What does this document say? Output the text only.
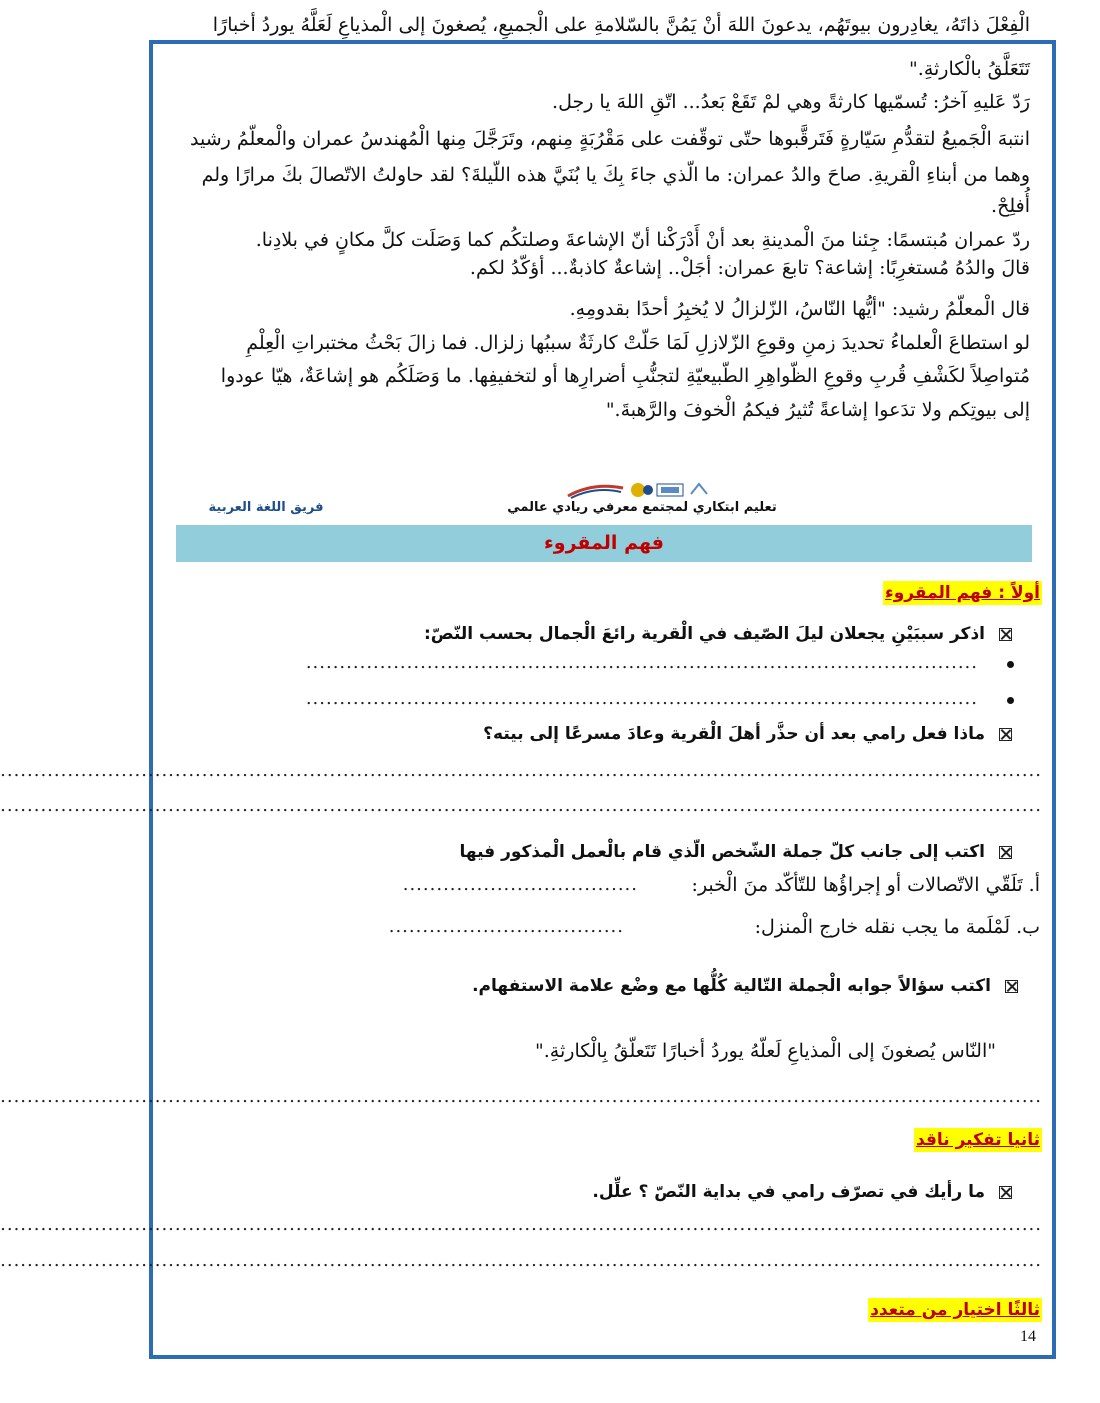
الْفِعْلَ ذاتَهُ، يغادِرون بيوتَهُم، يدعونَ اللهَ أنْ يَمُنَّ بالسّلامةِ على الْجميعِ، يُصغونَ إلى الْمذياعِ لَعَلَّهُ يوردُ أخبارًا
تَتَعَلَّقُ بالْكارثةِ."
رَدّ عَليهِ آخرُ: تُسمّيها كارثةً وهي لمْ تَقَعْ بَعدُ... اتّقِ اللهَ يا رجل.
انتبهَ الْجَميعُ لتقدُّمِ سَيّارةٍ فَتَرقَّبوها حتّى توقّفت على مَقْرُبَةٍ مِنهم، وتَرَجَّلَ مِنها الْمُهندسُ عمران والْمعلّمُ رشيد
وهما من أبناءِ الْقريةِ. صاحَ والدُ عمران: ما الّذي جاءَ بِكَ يا بُنَيَّ هذه اللّيلةَ؟ لقد حاولتُ الاتّصالَ بكَ مرارًا ولم
أُفلِحْ.
ردّ عمران مُبتسمًا: جِئنا منَ الْمدينةِ بعد أنْ أَدْرَكْنا أنّ الإشاعةَ وصلتكُم كما وَصَلَت كلَّ مكانٍ في بلادِنا.
قالَ والدُهُ مُستغرِبًا: إشاعة؟ تابعَ عمران: أجَلْ.. إشاعةٌ كاذبةٌ... أؤكّدُ لكم.
قال الْمعلّمُ رشيد: "أيُّها النّاسُ، الزّلزالُ لا يُخبِرُ أحدًا بقدومِهِ.
لو استطاعَ الْعلماءُ تحديدَ زمنِ وقوعِ الزّلازلِ لَمَا حَلّتْ كارثَةٌ سببُها زلزال. فما زالَ بَحْثُ مختبراتِ الْعِلْمِ
مُتواصِلاً لكَشْفِ قُربِ وقوعِ الظّواهِرِ الطّبيعيّةِ لتجنُّبِ أضرارِها أو لتخفيفِها. ما وَصَلَكُم هو إشاعَةٌ، هيّا عودوا
إلى بيوتِكم ولا تدَعوا إشاعةً تُثيرُ فيكمُ الْخوفَ والرَّهبةَ."
تعليم ابتكاري لمجتمع معرفي ريادي عالمي
فريق اللغة العربية
فهم المقروء
أولاً : فهم المقروء
اذكر سببَيْنِ يجعلان ليلَ الصّيف في الْقرية رائعَ الْجمال بحسب النّصّ:
....................................................................................................
....................................................................................................
ماذا فعل رامي بعد أن حذَّر أهلَ الْقرية وعادَ مسرعًا إلى بيته؟
...........................................................................................................................................................
...........................................................................................................................................................
اكتب إلى جانب كلّ جملة الشّخص الّذي قام بالْعمل الْمذكور فيها
أ. تَلَقّي الاتّصالات أو إجراؤُها للتّأكّد منَ الْخبر:
...................................
ب. لَمْلَمة ما يجب نقله خارج الْمنزل:
...................................
اكتب سؤالاً جوابه الْجملة التّالية كُلُّها مع وضْع علامة الاستفهام.
"النّاس يُصغونَ إلى الْمذياعِ لَعلّهُ يوردُ أخبارًا تَتَعلّقُ بِالْكارثةِ."
...........................................................................................................................................................
ثانيا تفكير ناقد
ما رأيك في تصرّف رامي في بداية النّصّ ؟ علِّل.
...........................................................................................................................................................
...........................................................................................................................................................
ثالثًا اختيار من متعدد
14
